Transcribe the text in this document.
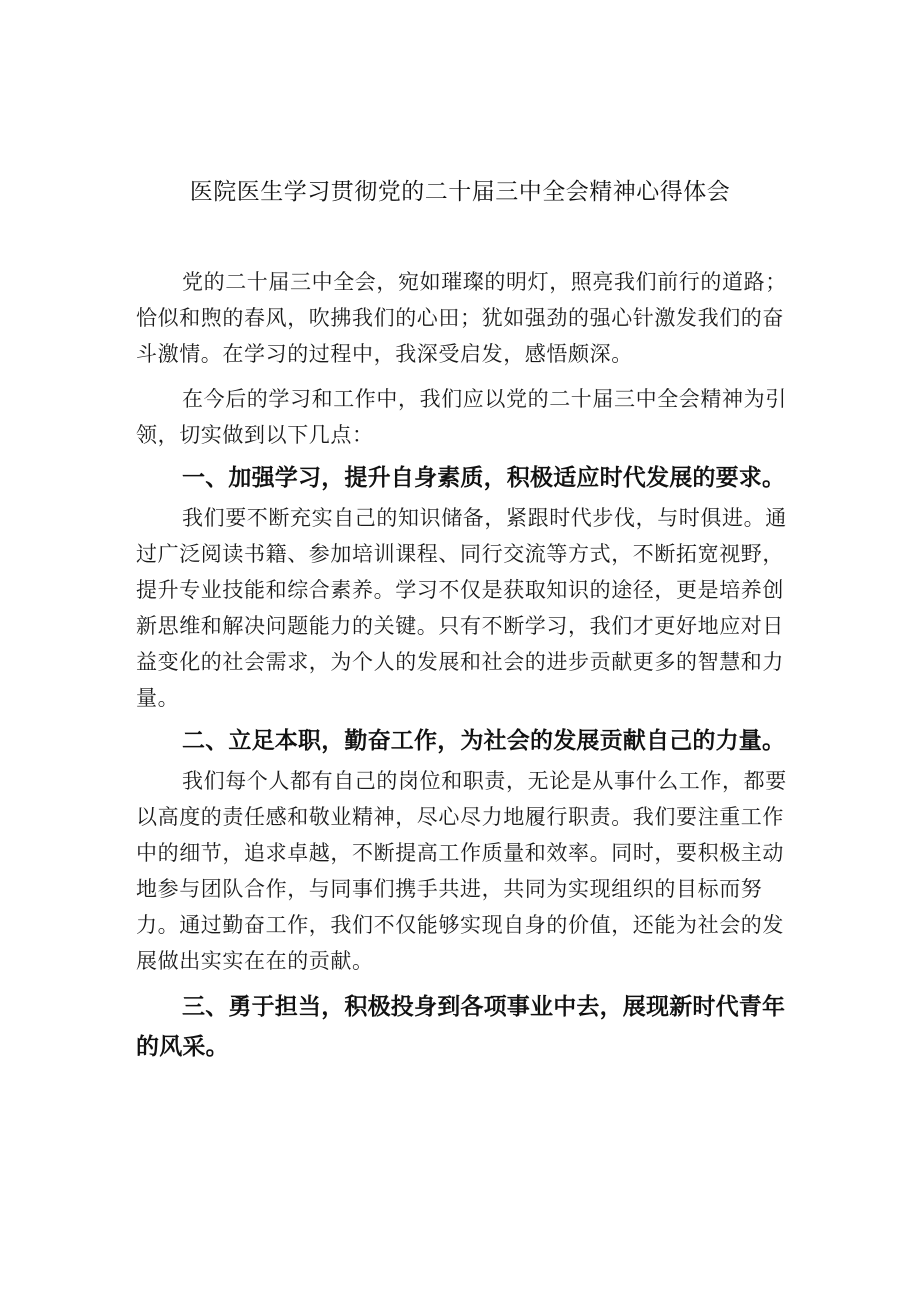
医院医生学习贯彻党的二十届三中全会精神心得体会

党的二十届三中全会，宛如璀璨的明灯，照亮我们前行的道路；恰似和煦的春风，吹拂我们的心田；犹如强劲的强心针激发我们的奋斗激情。在学习的过程中，我深受启发，感悟颇深。

在今后的学习和工作中，我们应以党的二十届三中全会精神为引领，切实做到以下几点：

一、加强学习，提升自身素质，积极适应时代发展的要求。

我们要不断充实自己的知识储备，紧跟时代步伐，与时俱进。通过广泛阅读书籍、参加培训课程、同行交流等方式，不断拓宽视野，提升专业技能和综合素养。学习不仅是获取知识的途径，更是培养创新思维和解决问题能力的关键。只有不断学习，我们才更好地应对日益变化的社会需求，为个人的发展和社会的进步贡献更多的智慧和力量。

二、立足本职，勤奋工作，为社会的发展贡献自己的力量。

我们每个人都有自己的岗位和职责，无论是从事什么工作，都要以高度的责任感和敬业精神，尽心尽力地履行职责。我们要注重工作中的细节，追求卓越，不断提高工作质量和效率。同时，要积极主动地参与团队合作，与同事们携手共进，共同为实现组织的目标而努力。通过勤奋工作，我们不仅能够实现自身的价值，还能为社会的发展做出实实在在的贡献。

三、勇于担当，积极投身到各项事业中去，展现新时代青年的风采。
